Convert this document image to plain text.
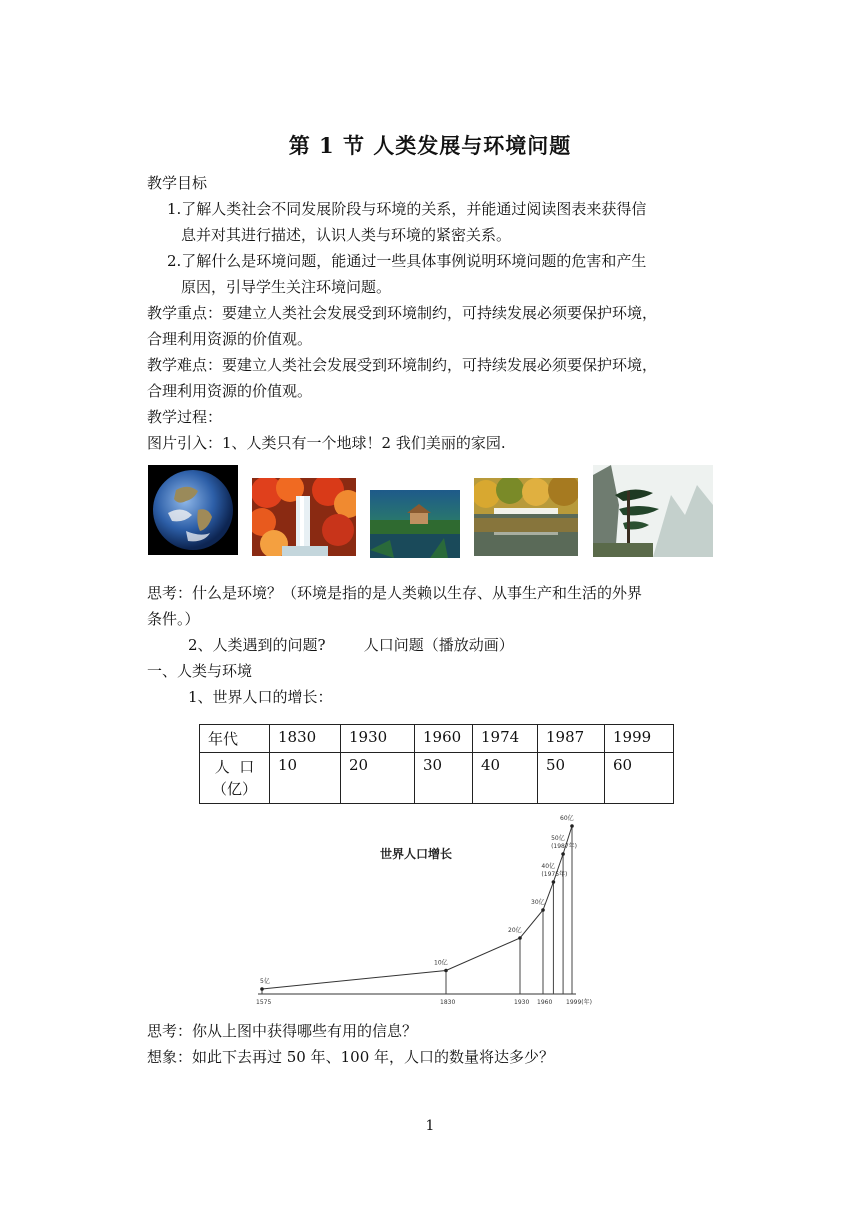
第 1 节 人类发展与环境问题
教学目标
1.了解人类社会不同发展阶段与环境的关系，并能通过阅读图表来获得信
息并对其进行描述，认识人类与环境的紧密关系。
2.了解什么是环境问题，能通过一些具体事例说明环境问题的危害和产生
原因，引导学生关注环境问题。
教学重点：要建立人类社会发展受到环境制约，可持续发展必须要保护环境，
合理利用资源的价值观。
教学难点：要建立人类社会发展受到环境制约，可持续发展必须要保护环境，
合理利用资源的价值观。
教学过程：
图片引入：1、人类只有一个地球！2 我们美丽的家园.
思考：什么是环境？（环境是指的是人类赖以生存、从事生产和生活的外界
条件。）
2、人类遇到的问题?        人口问题（播放动画）
一、人类与环境
1、世界人口的增长：
年代	1830	1930	1960	1974	1987	1999

人  口
（亿）	10	20	30	40	50	60
世界人口增长
5亿
10亿
20亿
30亿
40亿
(1975年)
50亿
(1987年)
60亿
1575	1830	1930 1960 1999(年)
思考：你从上图中获得哪些有用的信息？
想象：如此下去再过 50 年、100 年，人口的数量将达多少？
1
